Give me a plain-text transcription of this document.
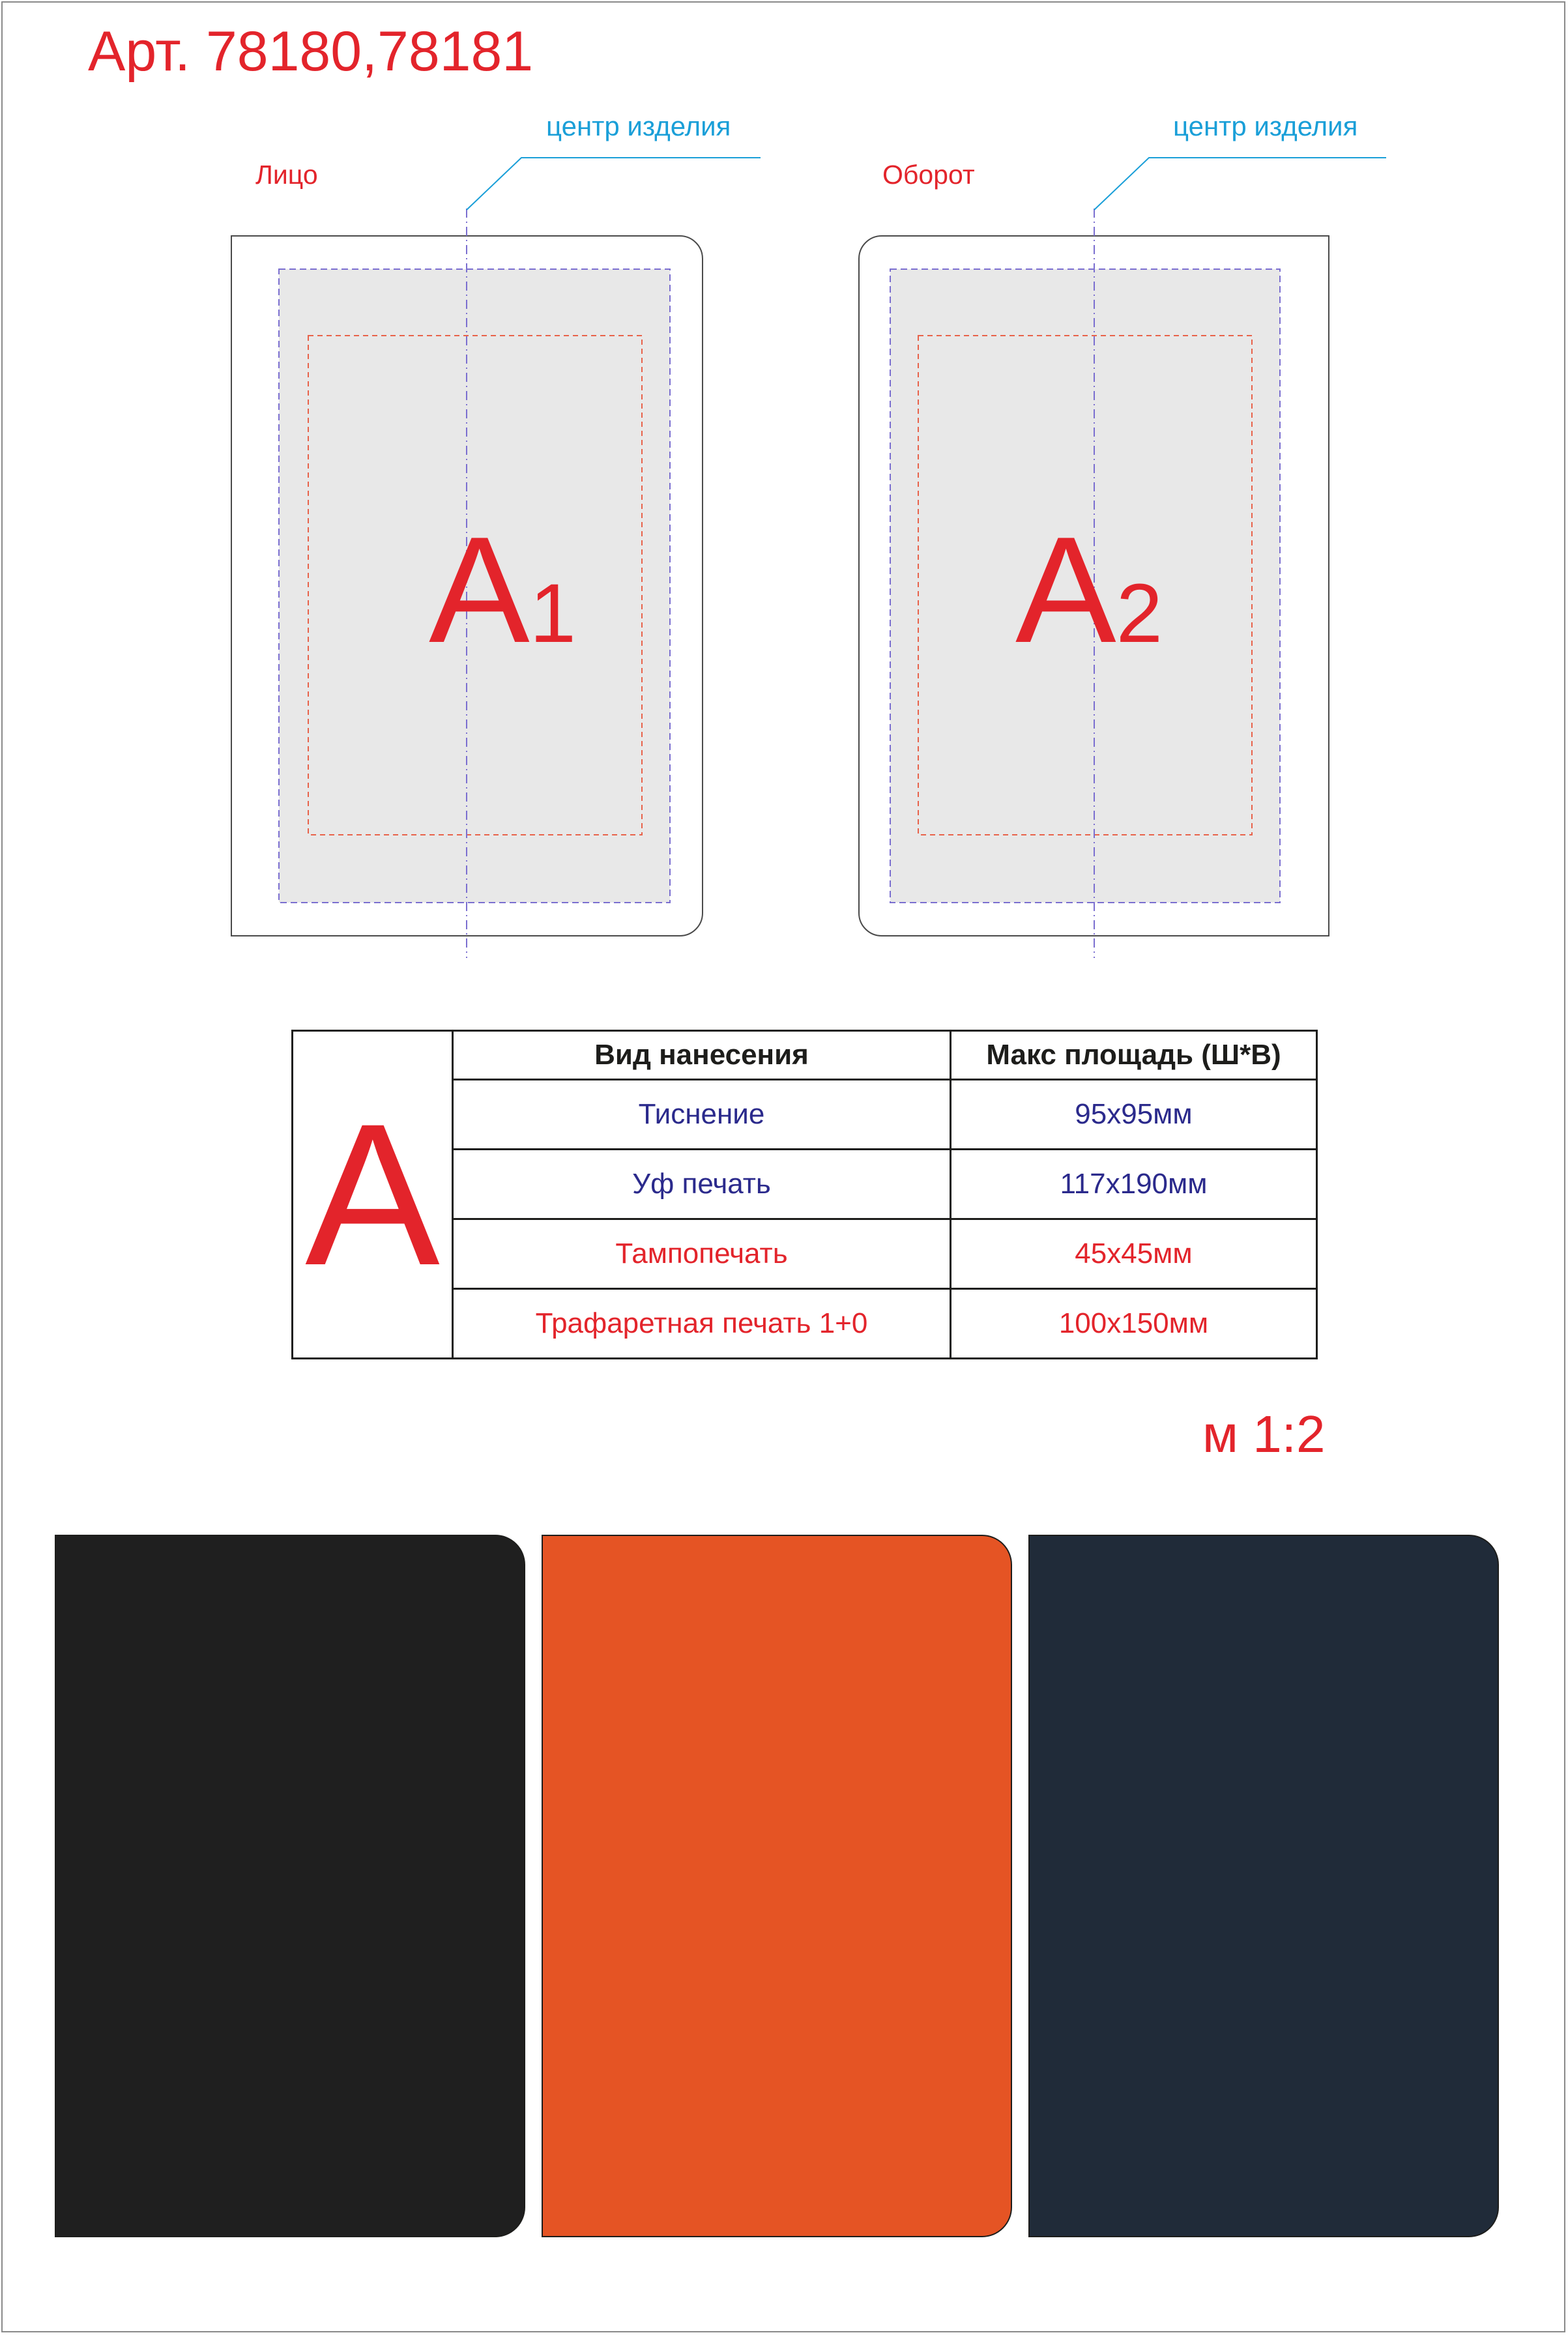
Арт. 78180,78181
Лицо
центр изделия
Оборот
центр изделия
А1	А2
А	Вид нанесения	Макс площадь (Ш*В)
	Тиснение	95х95мм
	Уф печать	117х190мм
	Тампопечать	45х45мм
	Трафаретная печать 1+0	100х150мм
м 1:2
